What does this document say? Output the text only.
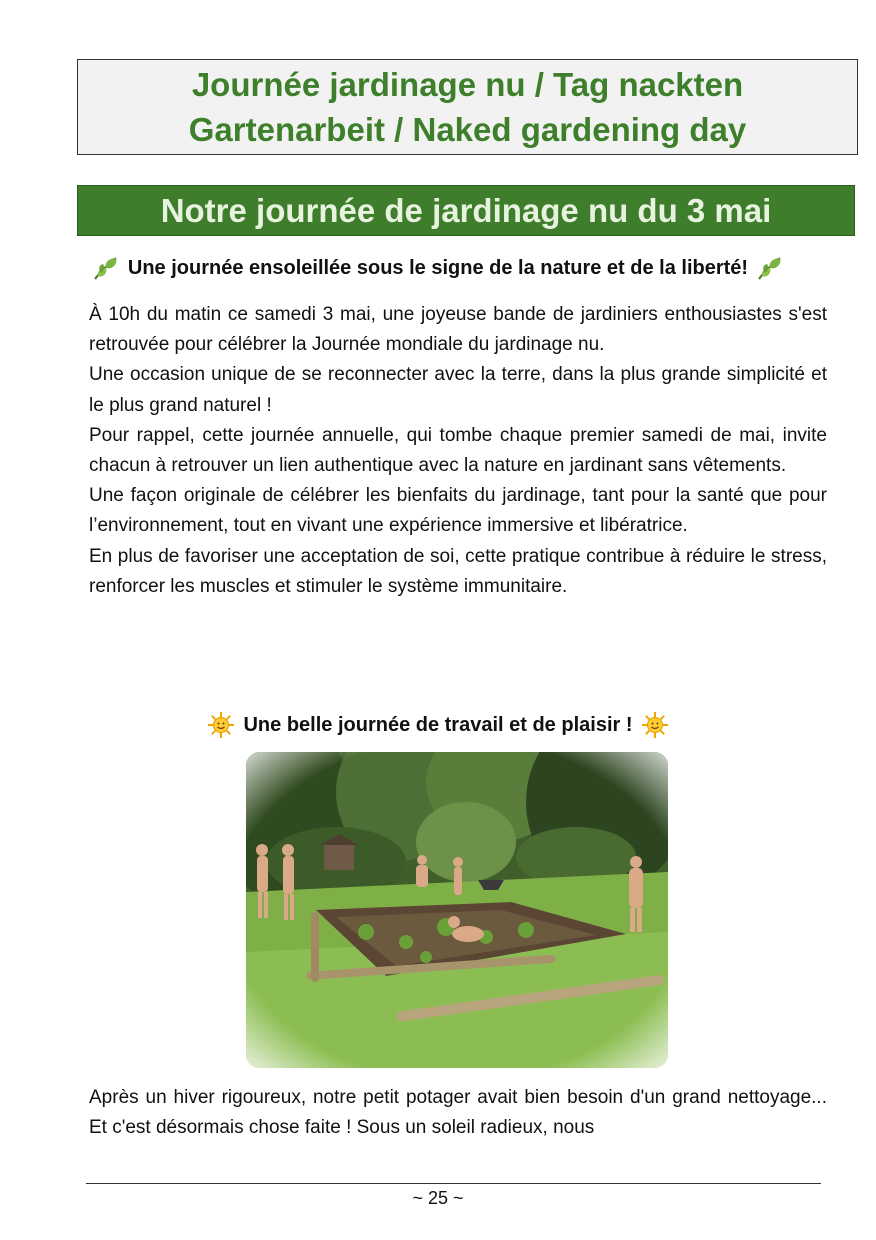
Journée jardinage nu / Tag nackten
Gartenarbeit / Naked gardening day
Notre journée de jardinage nu du 3 mai
Une journée ensoleillée sous le signe de la nature et de la liberté!

À 10h du matin ce samedi 3 mai, une joyeuse bande de jardiniers enthousiastes s'est retrouvée pour célébrer la Journée mondiale du jardinage nu.

Une occasion unique de se reconnecter avec la terre, dans la plus grande simplicité et le plus grand naturel !

Pour rappel, cette journée annuelle, qui tombe chaque premier samedi de mai, invite chacun à retrouver un lien authentique avec la nature en jardinant sans vêtements.

Une façon originale de célébrer les bienfaits du jardinage, tant pour la santé que pour l’environnement, tout en vivant une expérience immersive et libératrice.

En plus de favoriser une acceptation de soi, cette pratique contribue à réduire le stress, renforcer les muscles et stimuler le système immunitaire.

Une belle journée de travail et de plaisir !

Après un hiver rigoureux, notre petit potager avait bien besoin d'un grand nettoyage... Et c'est désormais chose faite ! Sous un soleil radieux, nous

~ 25 ~
